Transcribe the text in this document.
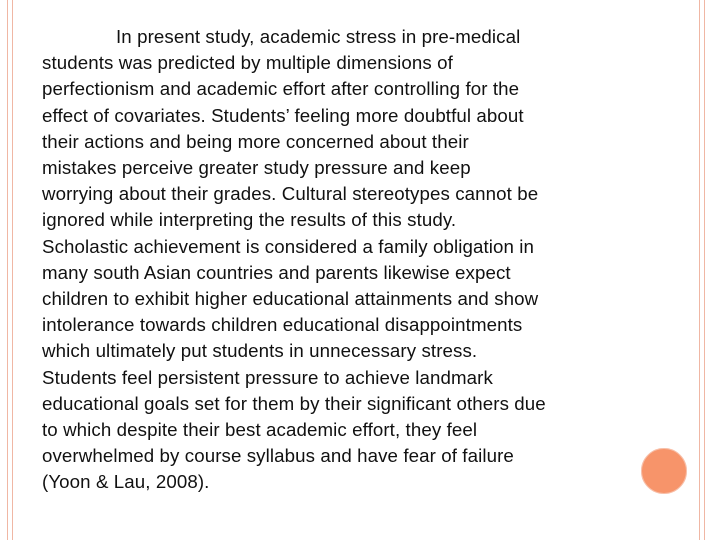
In present study, academic stress in pre-medical
students was predicted by multiple dimensions of
perfectionism and academic effort after controlling for the
effect of covariates. Students’ feeling more doubtful about
their actions and being more concerned about their
mistakes perceive greater study pressure and keep
worrying about their grades. Cultural stereotypes cannot be
ignored while interpreting the results of this study.
Scholastic achievement is considered a family obligation in
many south Asian countries and parents likewise expect
children to exhibit higher educational attainments and show
intolerance towards children educational disappointments
which ultimately put students in unnecessary stress.
Students feel persistent pressure to achieve landmark
educational goals set for them by their significant others due
to which despite their best academic effort, they feel
overwhelmed by course syllabus and have fear of failure
(Yoon & Lau, 2008).
